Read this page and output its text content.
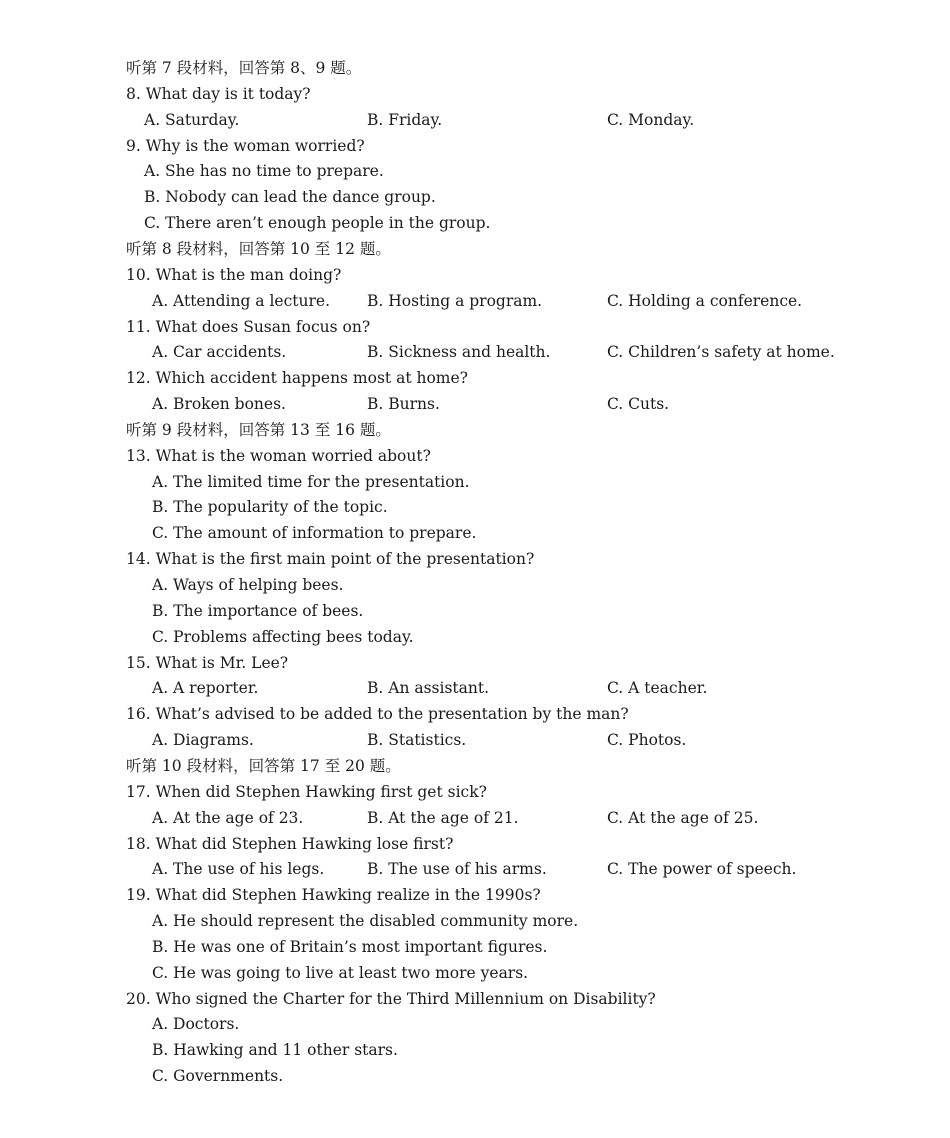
听第 7 段材料，回答第 8、9 题。
8. What day is it today?
A. Saturday.	B. Friday.	C. Monday.
9. Why is the woman worried?
A. She has no time to prepare.
B. Nobody can lead the dance group.
C. There aren’t enough people in the group.
听第 8 段材料，回答第 10 至 12 题。
10. What is the man doing?
A. Attending a lecture. B. Hosting a program.	C. Holding a conference.
11. What does Susan focus on?
A. Car accidents.	B. Sickness and health.	C. Children’s safety at home.
12. Which accident happens most at home?
A. Broken bones.	B. Burns.	C. Cuts.
听第 9 段材料，回答第 13 至 16 题。
13. What is the woman worried about?
A. The limited time for the presentation.
B. The popularity of the topic.
C. The amount of information to prepare.
14. What is the first main point of the presentation?
A. Ways of helping bees.
B. The importance of bees.
C. Problems affecting bees today.
15. What is Mr. Lee?
A. A reporter.	B. An assistant.	C. A teacher.
16. What’s advised to be added to the presentation by the man?
A. Diagrams.	B. Statistics.	C. Photos.
听第 10 段材料，回答第 17 至 20 题。
17. When did Stephen Hawking first get sick?
A. At the age of 23.	B. At the age of 21.	C. At the age of 25.
18. What did Stephen Hawking lose first?
A. The use of his legs.	B. The use of his arms.	C. The power of speech.
19. What did Stephen Hawking realize in the 1990s?
A. He should represent the disabled community more.
B. He was one of Britain’s most important figures.
C. He was going to live at least two more years.
20. Who signed the Charter for the Third Millennium on Disability?
A. Doctors.
B. Hawking and 11 other stars.
C. Governments.
